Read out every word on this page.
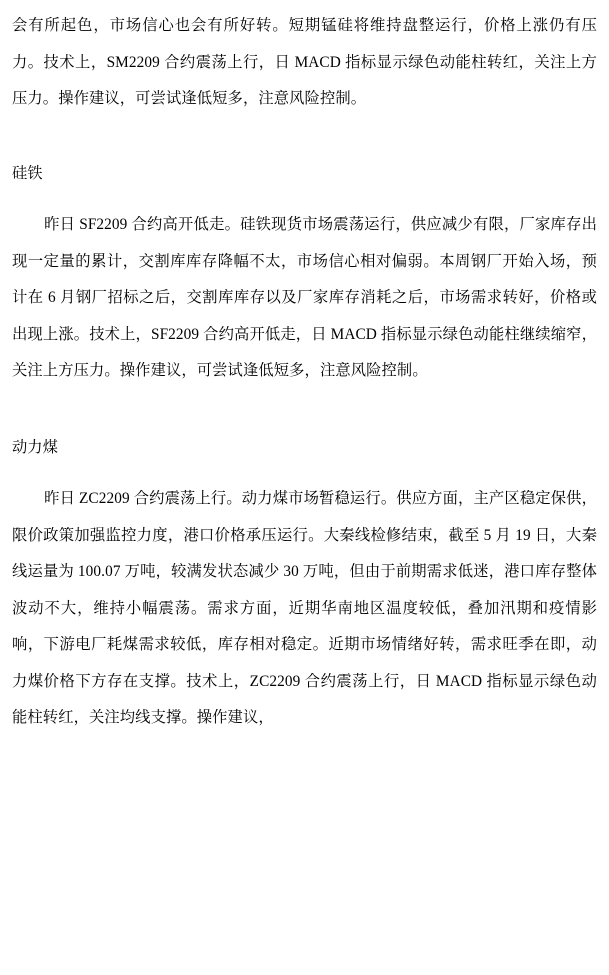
会有所起色，市场信心也会有所好转。短期锰硅将维持盘整运行，价格上涨仍有压力。技术上，SM2209 合约震荡上行，日 MACD 指标显示绿色动能柱转红，关注上方压力。操作建议，可尝试逢低短多，注意风险控制。

硅铁

昨日 SF2209 合约高开低走。硅铁现货市场震荡运行，供应减少有限，厂家库存出现一定量的累计，交割库库存降幅不太，市场信心相对偏弱。本周钢厂开始入场，预计在 6 月钢厂招标之后，交割库库存以及厂家库存消耗之后，市场需求转好，价格或出现上涨。技术上，SF2209 合约高开低走，日 MACD 指标显示绿色动能柱继续缩窄，关注上方压力。操作建议，可尝试逢低短多，注意风险控制。

动力煤

昨日 ZC2209 合约震荡上行。动力煤市场暂稳运行。供应方面，主产区稳定保供，限价政策加强监控力度，港口价格承压运行。大秦线检修结束，截至 5 月 19 日，大秦线运量为 100.07 万吨，较满发状态减少 30 万吨，但由于前期需求低迷，港口库存整体波动不大，维持小幅震荡。需求方面，近期华南地区温度较低，叠加汛期和疫情影响，下游电厂耗煤需求较低，库存相对稳定。近期市场情绪好转，需求旺季在即，动力煤价格下方存在支撑。技术上，ZC2209 合约震荡上行，日 MACD 指标显示绿色动能柱转红，关注均线支撑。操作建议，
